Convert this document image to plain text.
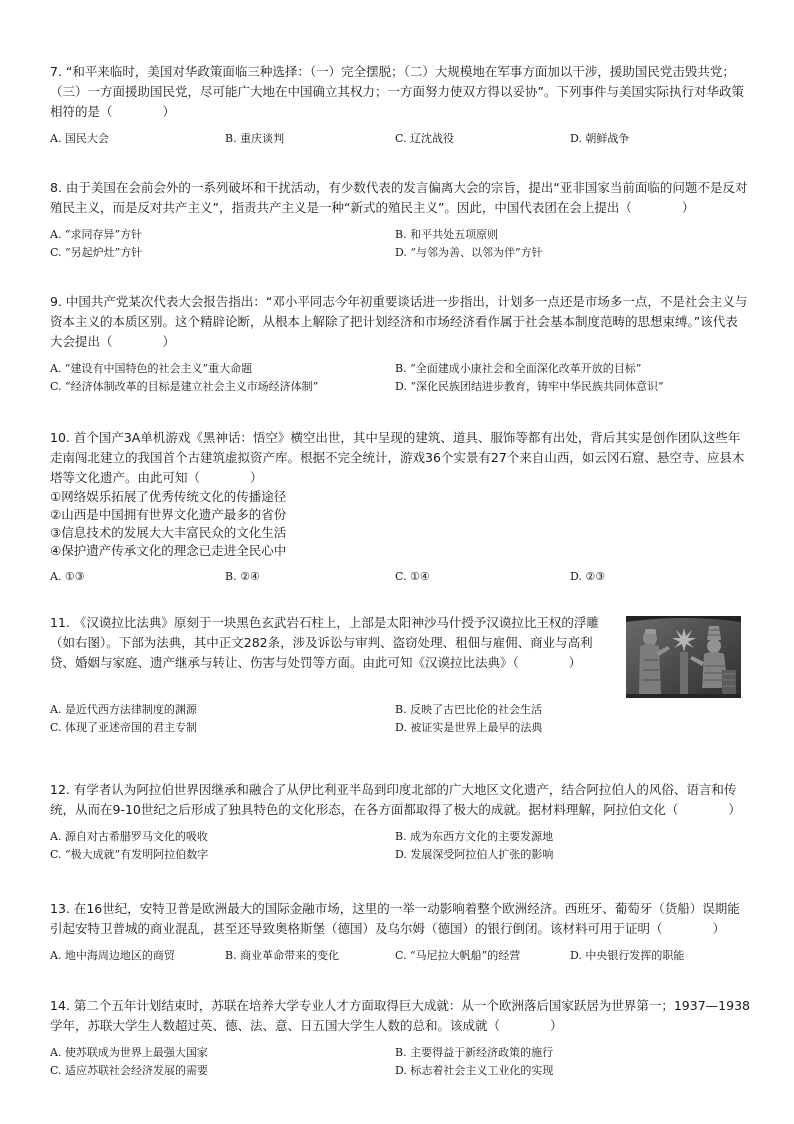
7. “和平来临时，美国对华政策面临三种选择：（一）完全摆脱；（二）大规模地在军事方面加以干涉，援助国民党击毁共党；（三）一方面援助国民党，尽可能广大地在中国确立其权力；一方面努力使双方得以妥协”。下列事件与美国实际执行对华政策相符的是（　　　　）

A. 国民大会	B. 重庆谈判	C. 辽沈战役	D. 朝鲜战争

8. 由于美国在会前会外的一系列破坏和干扰活动，有少数代表的发言偏离大会的宗旨，提出“亚非国家当前面临的问题不是反对殖民主义，而是反对共产主义”，指责共产主义是一种“新式的殖民主义”。因此，中国代表团在会上提出（　　　　）

A. “求同存异”方针	B. 和平共处五项原则
C. “另起炉灶”方针	D. “与邻为善、以邻为伴”方针

9. 中国共产党某次代表大会报告指出：“邓小平同志今年初重要谈话进一步指出，计划多一点还是市场多一点，不是社会主义与资本主义的本质区别。这个精辟论断，从根本上解除了把计划经济和市场经济看作属于社会基本制度范畴的思想束缚。”该代表大会提出（　　　　）

A. “建设有中国特色的社会主义”重大命题	B. “全面建成小康社会和全面深化改革开放的目标”
C. “经济体制改革的目标是建立社会主义市场经济体制”	D. “深化民族团结进步教育，铸牢中华民族共同体意识”

10. 首个国产3A单机游戏《黑神话：悟空》横空出世，其中呈现的建筑、道具、服饰等都有出处，背后其实是创作团队这些年走南闯北建立的我国首个古建筑虚拟资产库。根据不完全统计，游戏36个实景有27个来自山西，如云冈石窟、悬空寺、应县木塔等文化遗产。由此可知（　　　　）

①网络娱乐拓展了优秀传统文化的传播途径
②山西是中国拥有世界文化遗产最多的省份
③信息技术的发展大大丰富民众的文化生活
④保护遗产传承文化的理念已走进全民心中
A. ①③	B. ②④	C. ①④	D. ②③

11. 《汉谟拉比法典》原刻于一块黑色玄武岩石柱上，上部是太阳神沙马什授予汉谟拉比王权的浮雕（如右图）。下部为法典，其中正文282条，涉及诉讼与审判、盗窃处理、租佃与雇佣、商业与高利贷、婚姻与家庭、遗产继承与转让、伤害与处罚等方面。由此可知《汉谟拉比法典》（　　　　）

A. 是近代西方法律制度的渊源	B. 反映了古巴比伦的社会生活
C. 体现了亚述帝国的君主专制	D. 被证实是世界上最早的法典

12. 有学者认为阿拉伯世界因继承和融合了从伊比利亚半岛到印度北部的广大地区文化遗产，结合阿拉伯人的风俗、语言和传统，从而在9-10世纪之后形成了独具特色的文化形态，在各方面都取得了极大的成就。据材料理解，阿拉伯文化（　　　　）

A. 源自对古希腊罗马文化的吸收	B. 成为东西方文化的主要发源地
C. “极大成就”有发明阿拉伯数字	D. 发展深受阿拉伯人扩张的影响

13. 在16世纪，安特卫普是欧洲最大的国际金融市场，这里的一举一动影响着整个欧洲经济。西班牙、葡萄牙（货船）误期能引起安特卫普城的商业混乱，甚至还导致奥格斯堡（德国）及乌尔姆（德国）的银行倒闭。该材料可用于证明（　　　　）

A. 地中海周边地区的商贸	B. 商业革命带来的变化	C. “马尼拉大帆船”的经营	D. 中央银行发挥的职能

14. 第二个五年计划结束时，苏联在培养大学专业人才方面取得巨大成就：从一个欧洲落后国家跃居为世界第一；1937—1938学年，苏联大学生人数超过英、德、法、意、日五国大学生人数的总和。该成就（　　　　）

A. 使苏联成为世界上最强大国家	B. 主要得益于新经济政策的施行
C. 适应苏联社会经济发展的需要	D. 标志着社会主义工业化的实现
